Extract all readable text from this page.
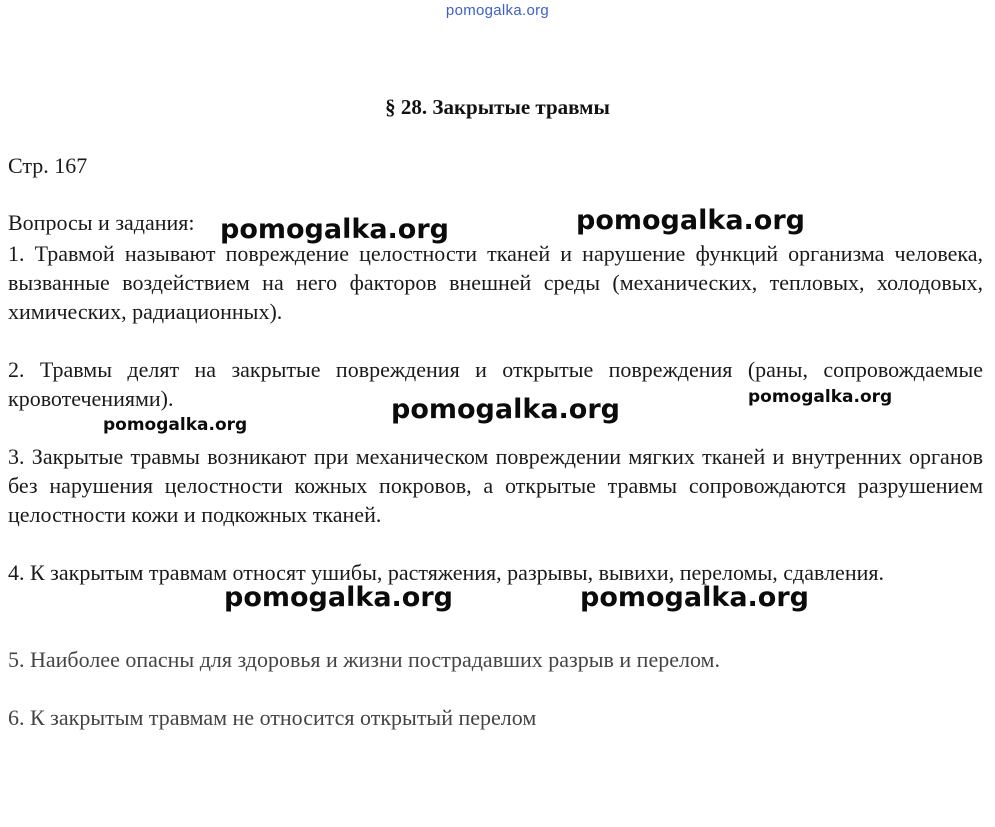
pomogalka.org
§ 28. Закрытые травмы
Стр. 167
Вопросы и задания:
1. Травмой называют повреждение целостности тканей и нарушение функций организма человека, вызванные воздействием на него факторов внешней среды (механических, тепловых, холодовых, химических, радиационных).
2. Травмы делят на закрытые повреждения и открытые повреждения (раны, сопровождаемые кровотечениями).
3. Закрытые травмы возникают при механическом повреждении мягких тканей и внутренних органов без нарушения целостности кожных покровов, а открытые травмы сопровождаются разрушением целостности кожи и подкожных тканей.
4. К закрытым травмам относят ушибы, растяжения, разрывы, вывихи, переломы, сдавления.
5. Наиболее опасны для здоровья и жизни пострадавших разрыв и перелом.
6. К закрытым травмам не относится открытый перелом
pomogalka.org	pomogalka.org
pomogalka.org	pomogalka.org
pomogalka.org
pomogalka.org	pomogalka.org
